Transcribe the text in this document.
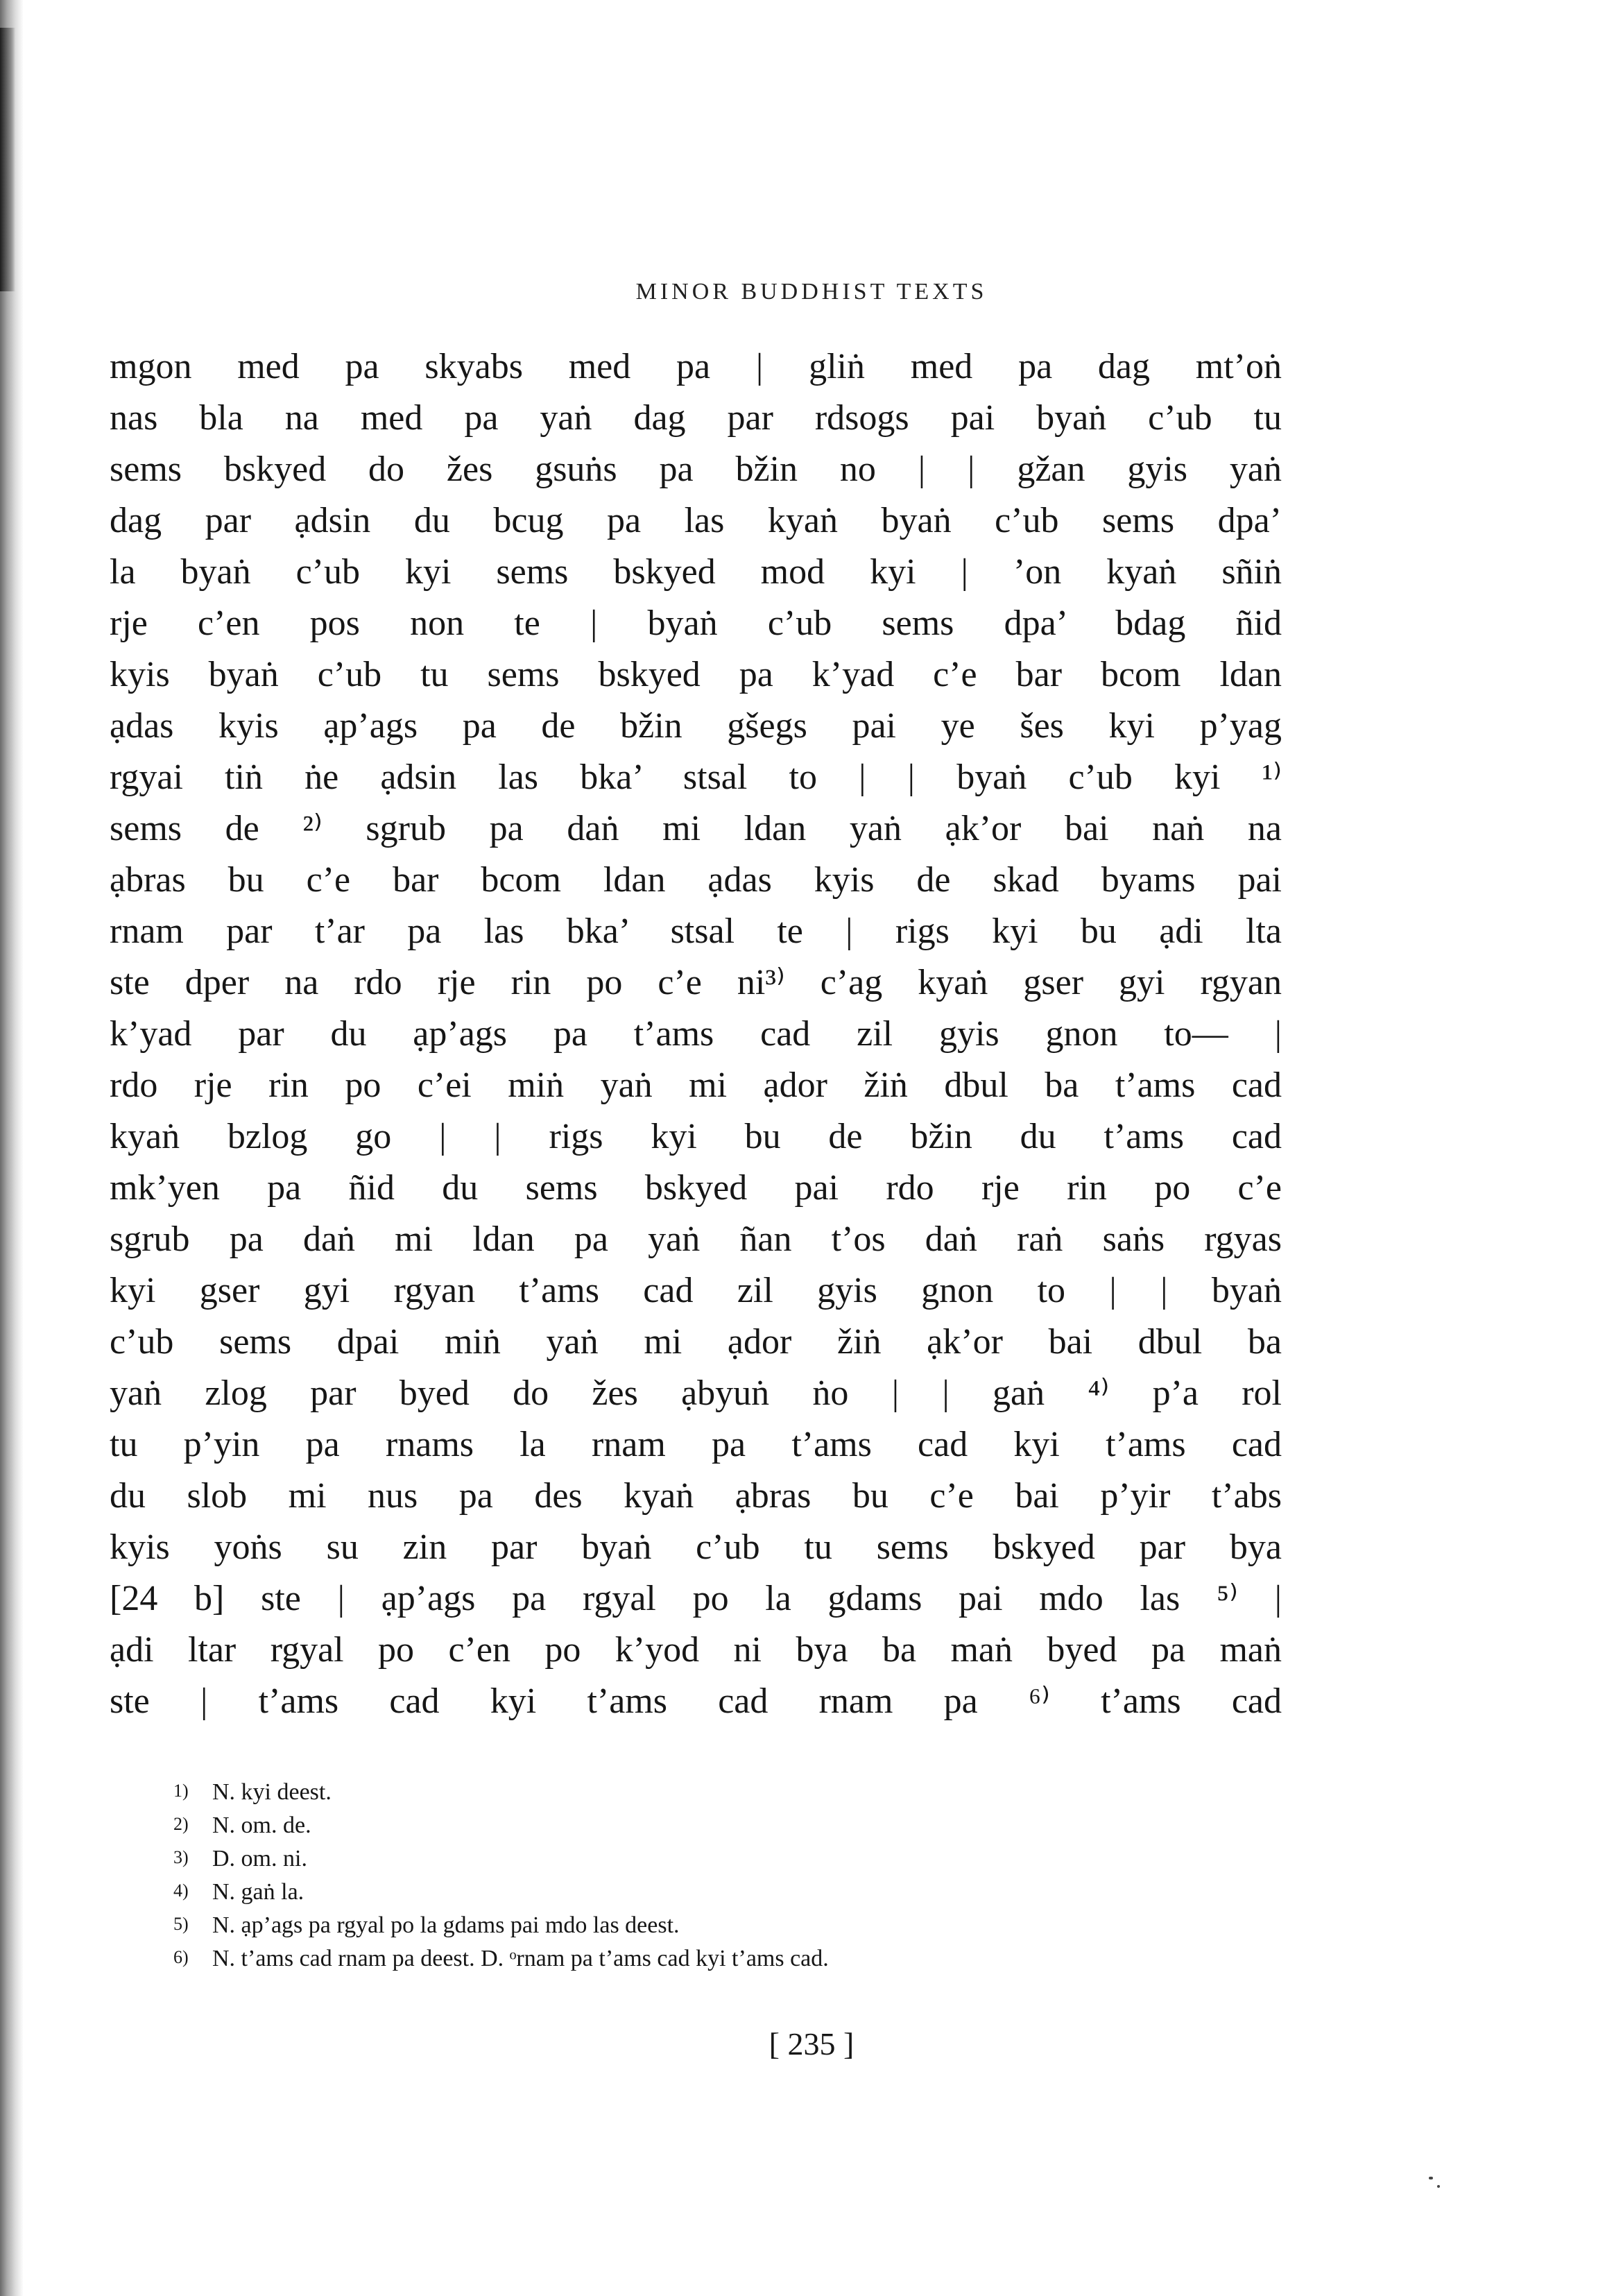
MINOR BUDDHIST TEXTS
mgon med pa skyabs med pa | gliṅ med pa dag mt’oṅ
nas bla na med pa yaṅ dag par rdsogs pai byaṅ c’ub tu
sems bskyed do žes gsuṅs pa bžin no | | gžan gyis yaṅ
dag par ạdsin du bcug pa las kyaṅ byaṅ c’ub sems dpa’
la byaṅ c’ub kyi sems bskyed mod kyi | ’on kyaṅ sñiṅ
rje c’en pos non te | byaṅ c’ub sems dpa’ bdag ñid
kyis byaṅ c’ub tu sems bskyed pa k’yad c’e bar bcom ldan
ạdas kyis ạp’ags pa de bžin gšegs pai ye šes kyi p’yag
rgyai tiṅ ṅe ạdsin las bka’ stsal to | | byaṅ c’ub kyi ¹⁾
sems de ²⁾ sgrub pa daṅ mi ldan yaṅ ạk’or bai naṅ na
ạbras bu c’e bar bcom ldan ạdas kyis de skad byams pai
rnam par t’ar pa las bka’ stsal te | rigs kyi bu ạdi lta
ste dper na rdo rje rin po c’e ni³⁾ c’ag kyaṅ gser gyi rgyan
k’yad par du ạp’ags pa t’ams cad zil gyis gnon to— |
rdo rje rin po c’ei miṅ yaṅ mi ạdor žiṅ dbul ba t’ams cad
kyaṅ bzlog go | | rigs kyi bu de bžin du t’ams cad
mk’yen pa ñid du sems bskyed pai rdo rje rin po c’e
sgrub pa daṅ mi ldan pa yaṅ ñan t’os daṅ raṅ saṅs rgyas
kyi gser gyi rgyan t’ams cad zil gyis gnon to | | byaṅ
c’ub sems dpai miṅ yaṅ mi ạdor žiṅ ạk’or bai dbul ba
yaṅ zlog par byed do žes ạbyuṅ ṅo | | gaṅ ⁴⁾ p’a rol
tu p’yin pa rnams la rnam pa t’ams cad kyi t’ams cad
du slob mi nus pa des kyaṅ ạbras bu c’e bai p’yir t’abs
kyis yoṅs su zin par byaṅ c’ub tu sems bskyed par bya
[24 b] ste | ạp’ags pa rgyal po la gdams pai mdo las ⁵⁾ |
ạdi ltar rgyal po c’en po k’yod ni bya ba maṅ byed pa maṅ
ste | t’ams cad kyi t’ams cad rnam pa ⁶⁾ t’ams cad
1) N. kyi deest.
2) N. om. de.
3) D. om. ni.
4) N. gaṅ la.
5) N. ạp’ags pa rgyal po la gdams pai mdo las deest.
6) N. t’ams cad rnam pa deest. D. ᵒrnam pa t’ams cad kyi t’ams cad.
[ 235 ]
